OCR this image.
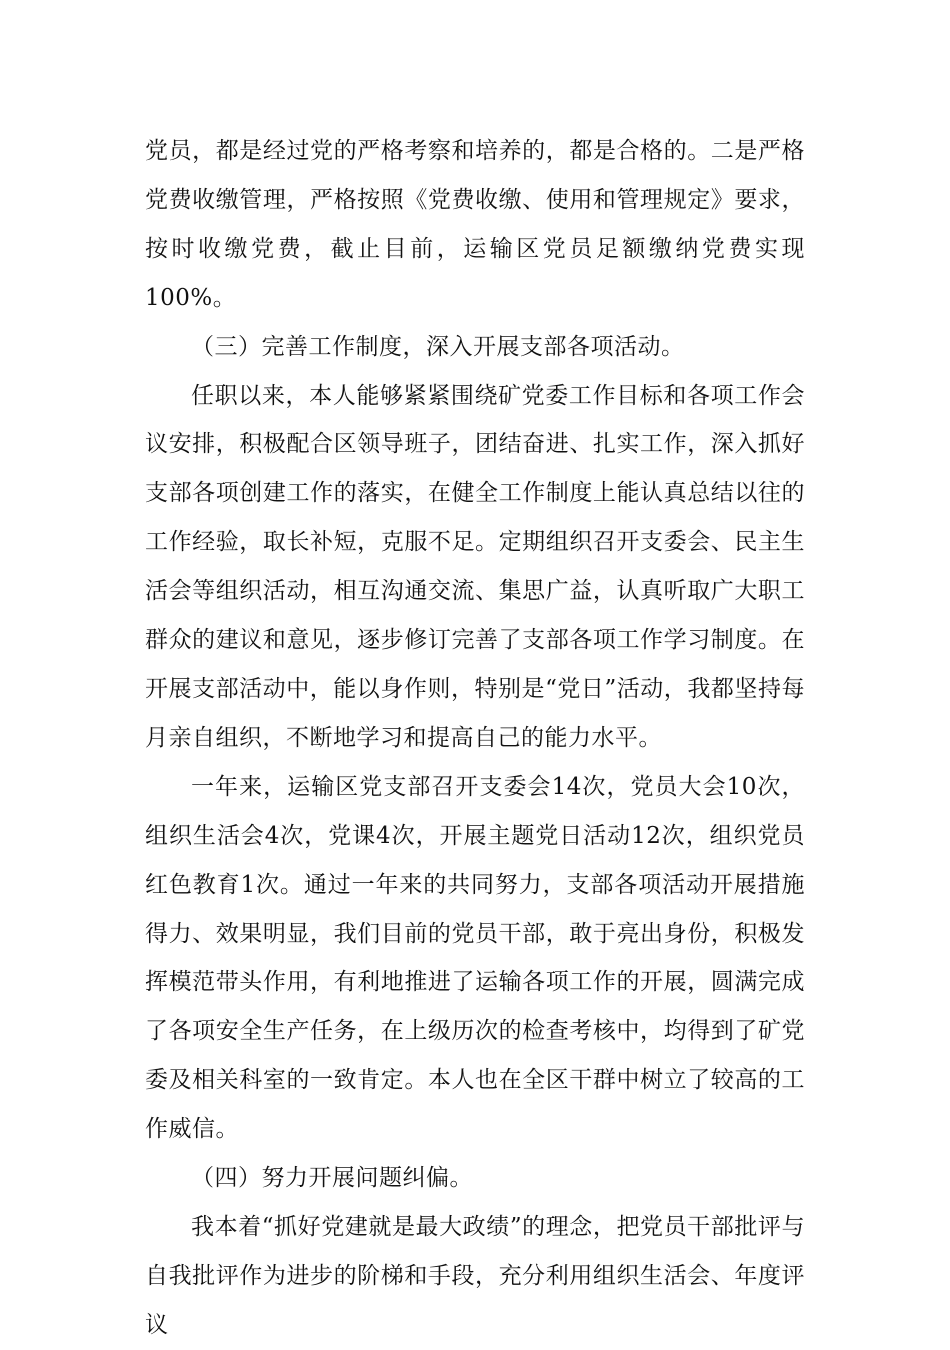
党员，都是经过党的严格考察和培养的，都是合格的。二是严格党费收缴管理，严格按照《党费收缴、使用和管理规定》要求，按时收缴党费，截止目前，运输区党员足额缴纳党费实现100%。

（三）完善工作制度，深入开展支部各项活动。

任职以来，本人能够紧紧围绕矿党委工作目标和各项工作会议安排，积极配合区领导班子，团结奋进、扎实工作，深入抓好支部各项创建工作的落实，在健全工作制度上能认真总结以往的工作经验，取长补短，克服不足。定期组织召开支委会、民主生活会等组织活动，相互沟通交流、集思广益，认真听取广大职工群众的建议和意见，逐步修订完善了支部各项工作学习制度。在开展支部活动中，能以身作则，特别是“党日”活动，我都坚持每月亲自组织，不断地学习和提高自己的能力水平。

一年来，运输区党支部召开支委会14次，党员大会10次，组织生活会4次，党课4次，开展主题党日活动12次，组织党员红色教育1次。通过一年来的共同努力，支部各项活动开展措施得力、效果明显，我们目前的党员干部，敢于亮出身份，积极发挥模范带头作用，有利地推进了运输各项工作的开展，圆满完成了各项安全生产任务，在上级历次的检查考核中，均得到了矿党委及相关科室的一致肯定。本人也在全区干群中树立了较高的工作威信。

（四）努力开展问题纠偏。

我本着“抓好党建就是最大政绩”的理念，把党员干部批评与自我批评作为进步的阶梯和手段，充分利用组织生活会、年度评议
